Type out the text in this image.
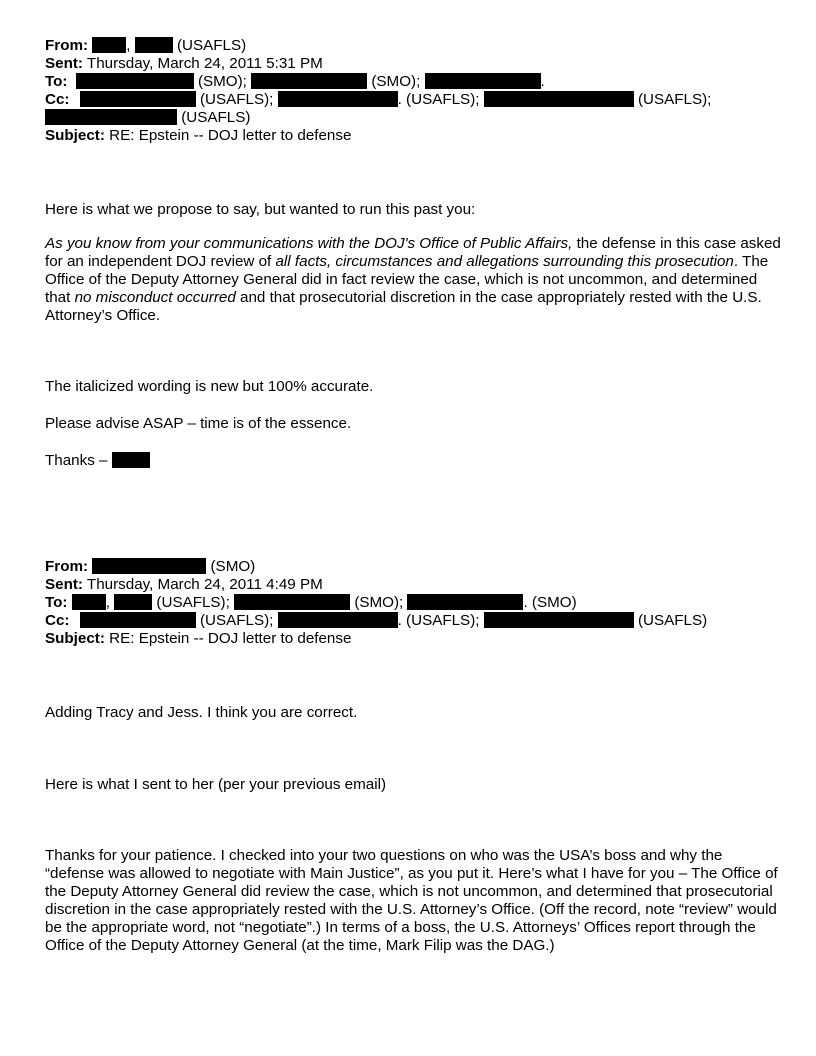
From:	,	(USAFLS)
Sent: Thursday, March 24, 2011 5:31 PM
To:	(SMO);	(SMO);	.
Cc:	(USAFLS);	. (USAFLS);	(USAFLS);
(USAFLS)
Subject: RE: Epstein -- DOJ letter to defense

Here is what we propose to say, but wanted to run this past you:

As you know from your communications with the DOJ's Office of Public Affairs, the defense in this case asked for an independent DOJ review of all facts, circumstances and allegations surrounding this prosecution. The Office of the Deputy Attorney General did in fact review the case, which is not uncommon, and determined that no misconduct occurred and that prosecutorial discretion in the case appropriately rested with the U.S. Attorney’s Office.

The italicized wording is new but 100% accurate.

Please advise ASAP – time is of the essence.

Thanks –

From:	(SMO)
Sent: Thursday, March 24, 2011 4:49 PM
To:	,	(USAFLS);	(SMO);	. (SMO)
Cc:	(USAFLS);	. (USAFLS);	(USAFLS)
Subject: RE: Epstein -- DOJ letter to defense

Adding Tracy and Jess. I think you are correct.

Here is what I sent to her (per your previous email)

Thanks for your patience. I checked into your two questions on who was the USA’s boss and why the “defense was allowed to negotiate with Main Justice”, as you put it. Here’s what I have for you – The Office of the Deputy Attorney General did review the case, which is not uncommon, and determined that prosecutorial discretion in the case appropriately rested with the U.S. Attorney’s Office. (Off the record, note “review” would be the appropriate word, not “negotiate”.) In terms of a boss, the U.S. Attorneys’ Offices report through the Office of the Deputy Attorney General (at the time, Mark Filip was the DAG.)
